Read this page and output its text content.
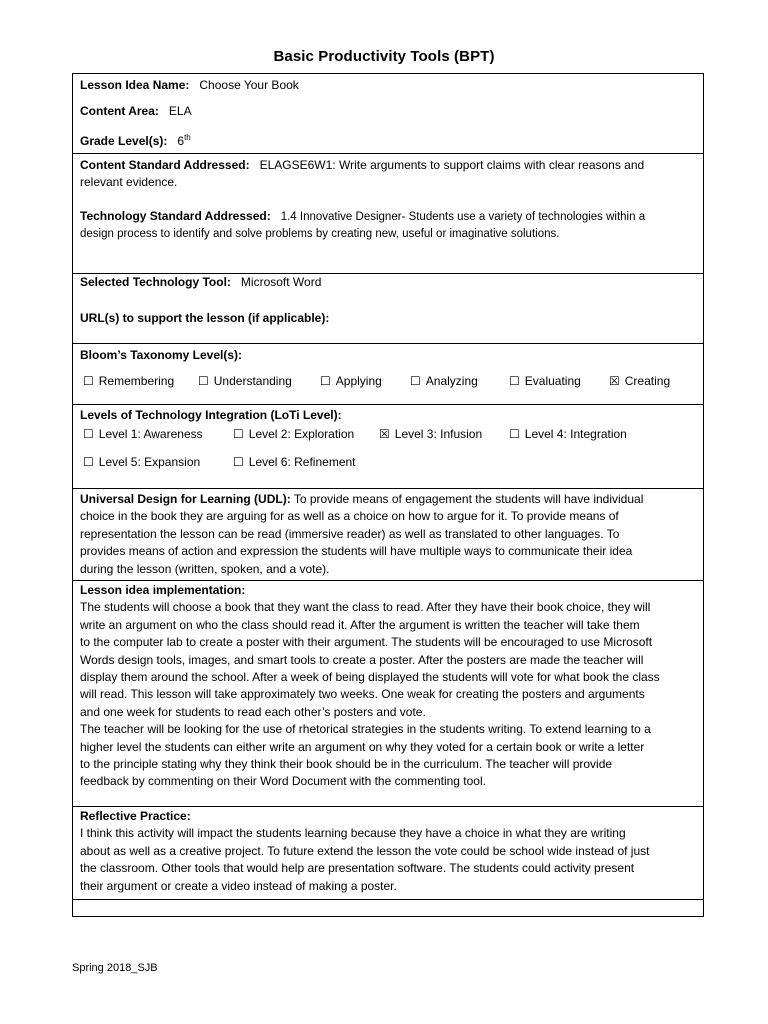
Basic Productivity Tools (BPT)
Lesson Idea Name: Choose Your Book
Content Area: ELA
Grade Level(s): 6th
Content Standard Addressed: ELAGSE6W1: Write arguments to support claims with clear reasons and
relevant evidence.
Technology Standard Addressed: 1.4 Innovative Designer- Students use a variety of technologies within a
design process to identify and solve problems by creating new, useful or imaginative solutions.
Selected Technology Tool: Microsoft Word
URL(s) to support the lesson (if applicable):
Bloom’s Taxonomy Level(s):
☐ Remembering ☐ Understanding ☐ Applying ☐ Analyzing	☐ Evaluating ☒ Creating
Levels of Technology Integration (LoTi Level):
☐ Level 1: Awareness	☐ Level 2: Exploration ☒ Level 3: Infusion ☐ Level 4: Integration
☐ Level 5: Expansion	☐ Level 6: Refinement
Universal Design for Learning (UDL): To provide means of engagement the students will have individual
choice in the book they are arguing for as well as a choice on how to argue for it. To provide means of
representation the lesson can be read (immersive reader) as well as translated to other languages. To
provides means of action and expression the students will have multiple ways to communicate their idea
during the lesson (written, spoken, and a vote).
Lesson idea implementation:
The students will choose a book that they want the class to read. After they have their book choice, they will
write an argument on who the class should read it. After the argument is written the teacher will take them
to the computer lab to create a poster with their argument. The students will be encouraged to use Microsoft
Words design tools, images, and smart tools to create a poster. After the posters are made the teacher will
display them around the school. After a week of being displayed the students will vote for what book the class
will read. This lesson will take approximately two weeks. One weak for creating the posters and arguments
and one week for students to read each other’s posters and vote.
The teacher will be looking for the use of rhetorical strategies in the students writing. To extend learning to a
higher level the students can either write an argument on why they voted for a certain book or write a letter
to the principle stating why they think their book should be in the curriculum. The teacher will provide
feedback by commenting on their Word Document with the commenting tool.
Reflective Practice:
I think this activity will impact the students learning because they have a choice in what they are writing
about as well as a creative project. To future extend the lesson the vote could be school wide instead of just
the classroom. Other tools that would help are presentation software. The students could activity present
their argument or create a video instead of making a poster.
Spring 2018_SJB
